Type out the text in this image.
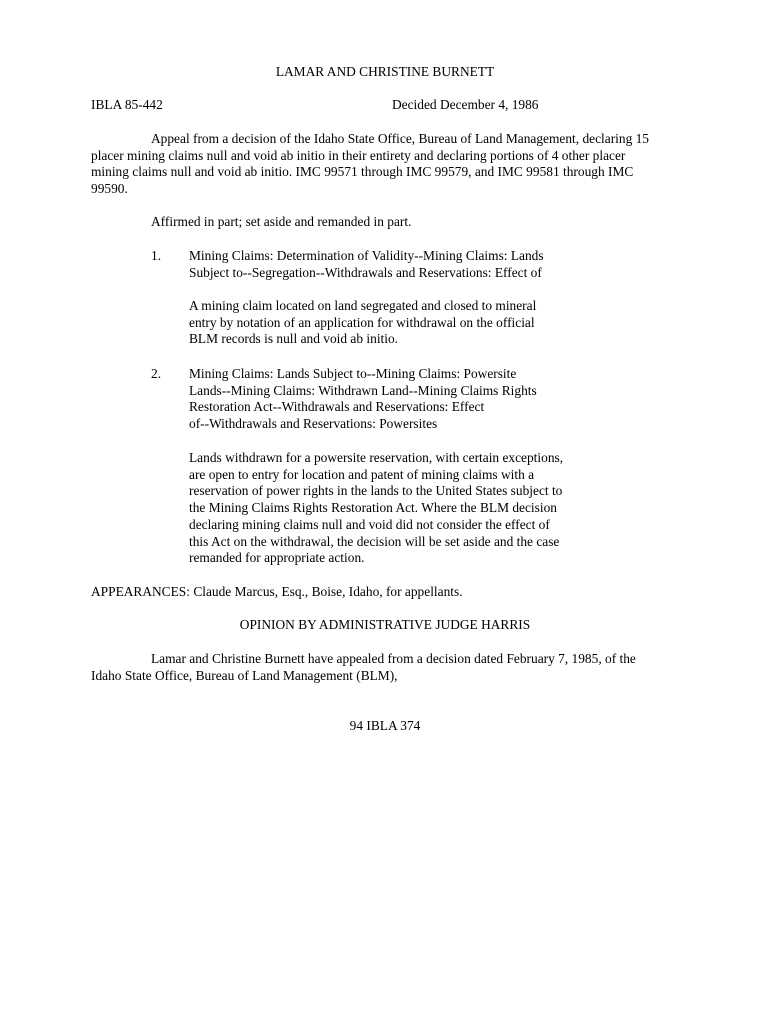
LAMAR AND CHRISTINE BURNETT
IBLA 85-442	Decided December 4, 1986

Appeal from a decision of the Idaho State Office, Bureau of Land Management, declaring 15

placer mining claims null and void ab initio in their entirety and declaring portions of 4 other placer

mining claims null and void ab initio. IMC 99571 through IMC 99579, and IMC 99581 through IMC

99590.

Affirmed in part; set aside and remanded in part.
1. Mining Claims: Determination of Validity--Mining Claims: Lands

Subject to--Segregation--Withdrawals and Reservations: Effect of

A mining claim located on land segregated and closed to mineral

entry by notation of an application for withdrawal on the official

BLM records is null and void ab initio.

2. Mining Claims: Lands Subject to--Mining Claims: Powersite

Lands--Mining Claims: Withdrawn Land--Mining Claims Rights

Restoration Act--Withdrawals and Reservations: Effect

of--Withdrawals and Reservations: Powersites

Lands withdrawn for a powersite reservation, with certain exceptions,

are open to entry for location and patent of mining claims with a

reservation of power rights in the lands to the United States subject to

the Mining Claims Rights Restoration Act. Where the BLM decision

declaring mining claims null and void did not consider the effect of

this Act on the withdrawal, the decision will be set aside and the case

remanded for appropriate action.

APPEARANCES: Claude Marcus, Esq., Boise, Idaho, for appellants.
OPINION BY ADMINISTRATIVE JUDGE HARRIS

Lamar and Christine Burnett have appealed from a decision dated February 7, 1985, of the

Idaho State Office, Bureau of Land Management (BLM),

94 IBLA 374
